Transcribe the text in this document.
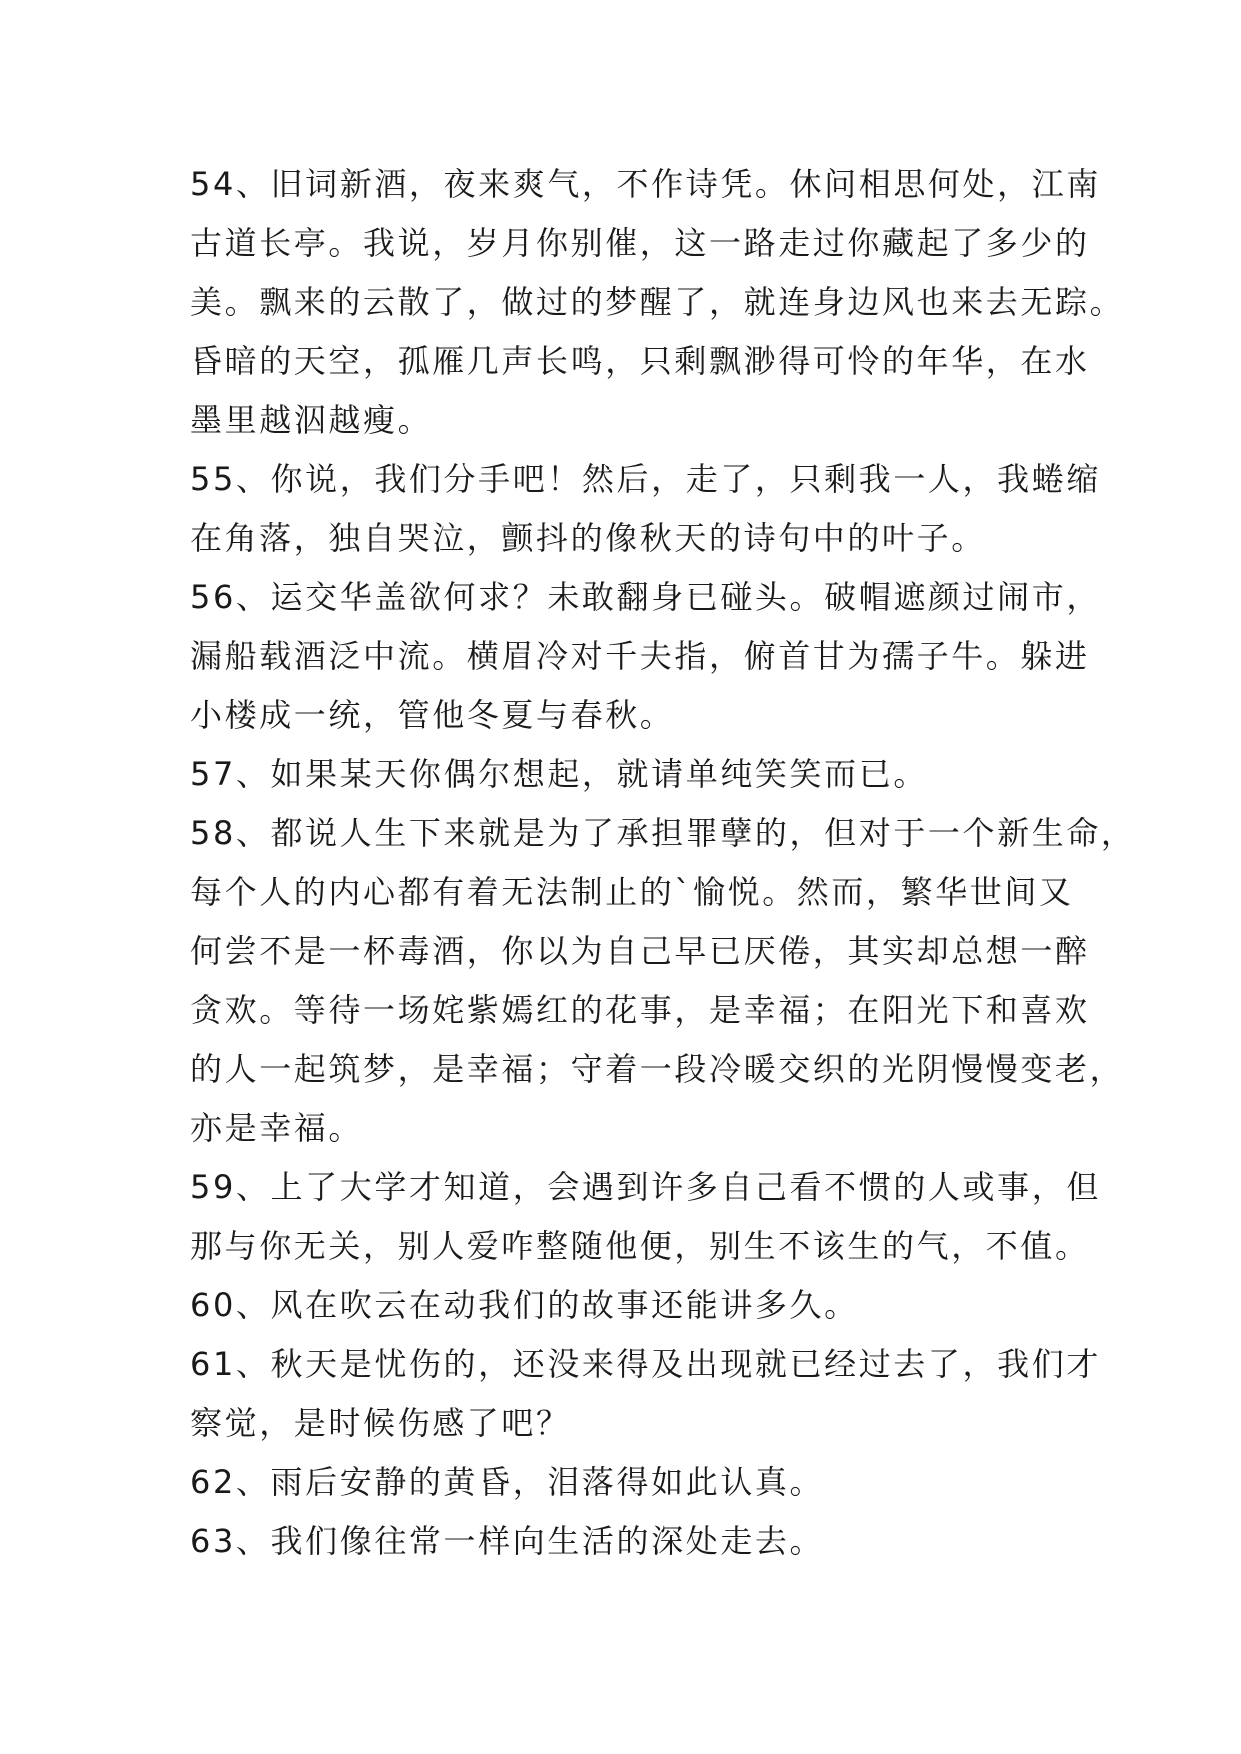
54、旧词新酒，夜来爽气，不作诗凭。休问相思何处，江南
古道长亭。我说，岁月你别催，这一路走过你藏起了多少的
美。飘来的云散了，做过的梦醒了，就连身边风也来去无踪。
昏暗的天空，孤雁几声长鸣，只剩飘渺得可怜的年华，在水
墨里越泅越瘦。
55、你说，我们分手吧！然后，走了，只剩我一人，我蜷缩
在角落，独自哭泣，颤抖的像秋天的诗句中的叶子。
56、运交华盖欲何求？未敢翻身已碰头。破帽遮颜过闹市，
漏船载酒泛中流。横眉冷对千夫指，俯首甘为孺子牛。躲进
小楼成一统，管他冬夏与春秋。
57、如果某天你偶尔想起，就请单纯笑笑而已。
58、都说人生下来就是为了承担罪孽的，但对于一个新生命，
每个人的内心都有着无法制止的`愉悦。然而，繁华世间又
何尝不是一杯毒酒，你以为自己早已厌倦，其实却总想一醉
贪欢。等待一场姹紫嫣红的花事，是幸福；在阳光下和喜欢
的人一起筑梦，是幸福；守着一段冷暖交织的光阴慢慢变老，
亦是幸福。
59、上了大学才知道，会遇到许多自己看不惯的人或事，但
那与你无关，别人爱咋整随他便，别生不该生的气，不值。
60、风在吹云在动我们的故事还能讲多久。
61、秋天是忧伤的，还没来得及出现就已经过去了，我们才
察觉，是时候伤感了吧？
62、雨后安静的黄昏，泪落得如此认真。
63、我们像往常一样向生活的深处走去。
